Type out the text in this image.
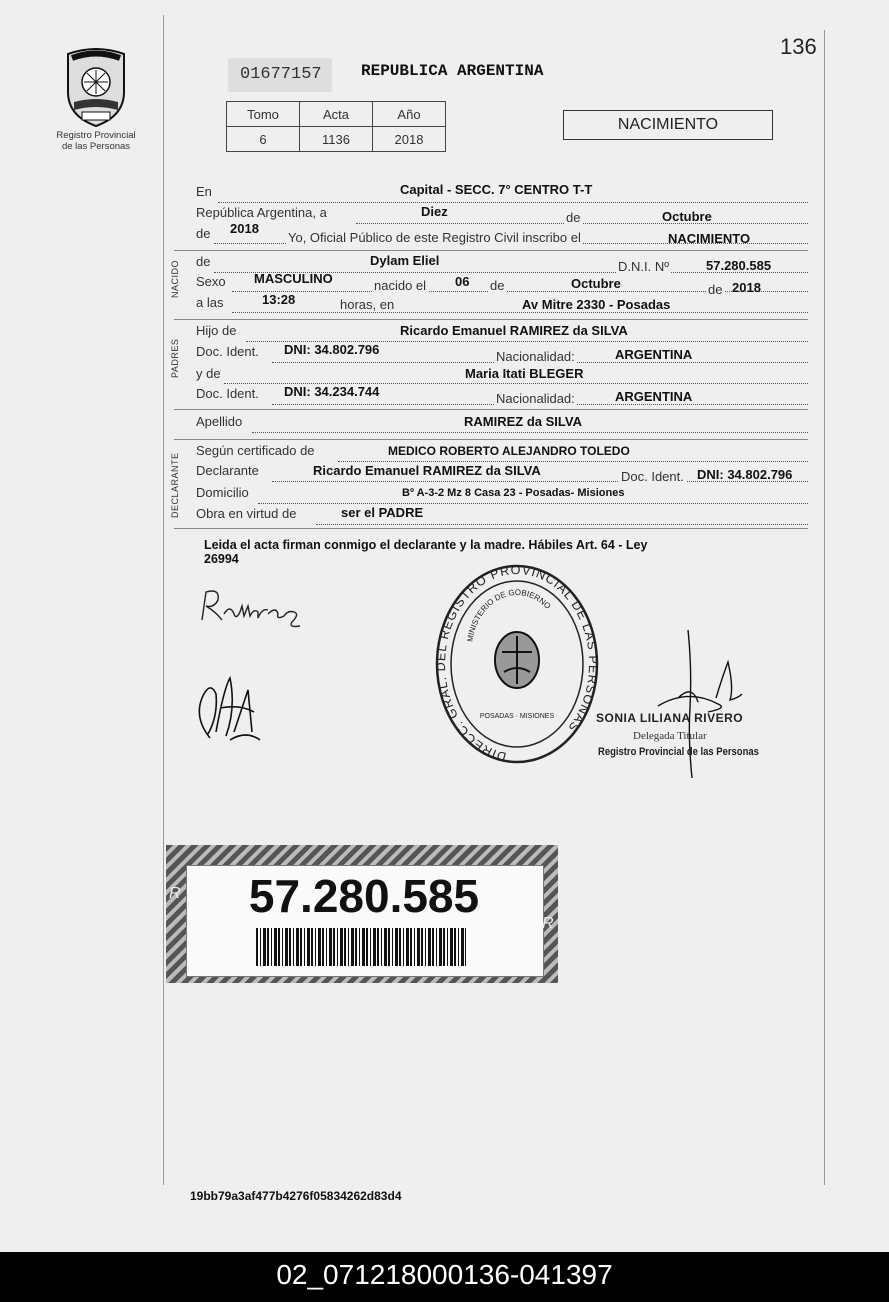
136
Registro Provincial
de las Personas
01677157 REPUBLICA ARGENTINA
Tomo	Acta	Año
6	1136	2018
NACIMIENTO
En	Capital - SECC. 7° CENTRO T-T
República Argentina, a	Diez	de	Octubre
de 2018
Yo, Oficial Público de este Registro Civil inscribo el	NACIMIENTO
NACIDO de	Dylam Eliel	D.N.I. Nº	57.280.585
Sexo MASCULINO	nacido el 06 de	Octubre	de 2018
a las	13:28	horas, en	Av Mitre 2330 - Posadas
PADRES
Hijo de	Ricardo Emanuel RAMIREZ da SILVA
Doc. Ident. DNI: 34.802.796	Nacionalidad:	ARGENTINA
y de	Maria Itati BLEGER
Doc. Ident. DNI: 34.234.744	Nacionalidad:	ARGENTINA
Apellido	RAMIREZ da SILVA
DECLARANTE
Según certificado de	MEDICO ROBERTO ALEJANDRO TOLEDO
Declarante	Ricardo Emanuel RAMIREZ da SILVA	Doc. Ident. DNI: 34.802.796
Domicilio	Bº A-3-2 Mz 8 Casa 23 - Posadas- Misiones
Obra en virtud de	ser el PADRE
Leida el acta firman conmigo el declarante y la madre. Hábiles Art. 64 - Ley
26994
DIRECC. GRAL. DEL REGISTRO PROVINCIAL DE LAS PERSONAS
MINISTERIO DE GOBIERNO
POSADAS · MISIONES	SONIA LILIANA RIVERO
Delegada Titular
Registro Provincial de las Personas
57.280.585
R
R
19bb79a3af477b4276f05834262d83d4
02_071218000136-041397
